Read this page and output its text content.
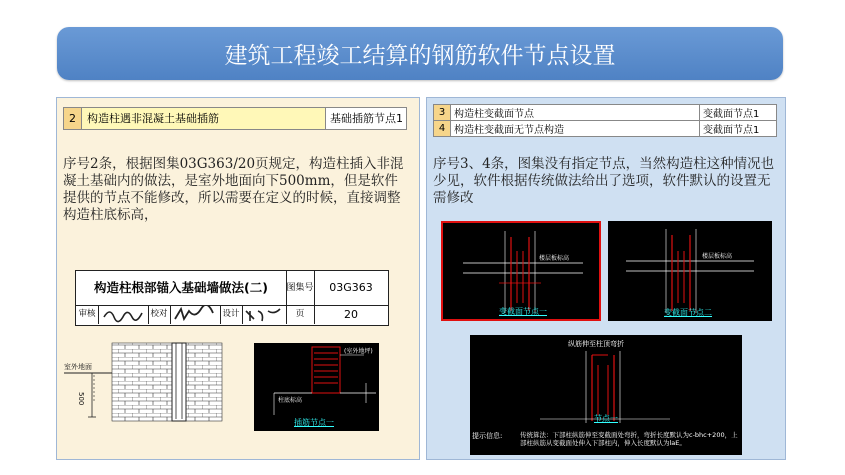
建筑工程竣工结算的钢筋软件节点设置
2	构造柱遇非混凝土基础插筋	基础插筋节点1

序号2条，根据图集03G363/20页规定，构造柱插入非混凝土基础内的做法，是室外地面向下500mm，但是软件提供的节点不能修改，所以需要在定义的时候，直接调整构造柱底标高，

构造柱根部锚入基础墙做法(二)	图集号	03G363
审核	校对	设计	页	20
室外地面
500
(室外地坪)
柱底标高
插筋节点一
3	构造柱变截面节点	变截面节点1
4	构造柱变截面无节点构造	变截面节点1

序号3、4条，图集没有指定节点，当然构造柱这种情况也少见，软件根据传统做法给出了选项，软件默认的设置无需修改

楼层板标高
变截面节点一
楼层板标高
变截面节点二
纵筋伸至柱顶弯折
节点一
提示信息:	传统算法：下部柱纵筋伸至变截面处弯折，弯折长度默认为c-bhc+200，上部柱纵筋从变截面处伸入下部柱内，伸入长度默认为laE。
